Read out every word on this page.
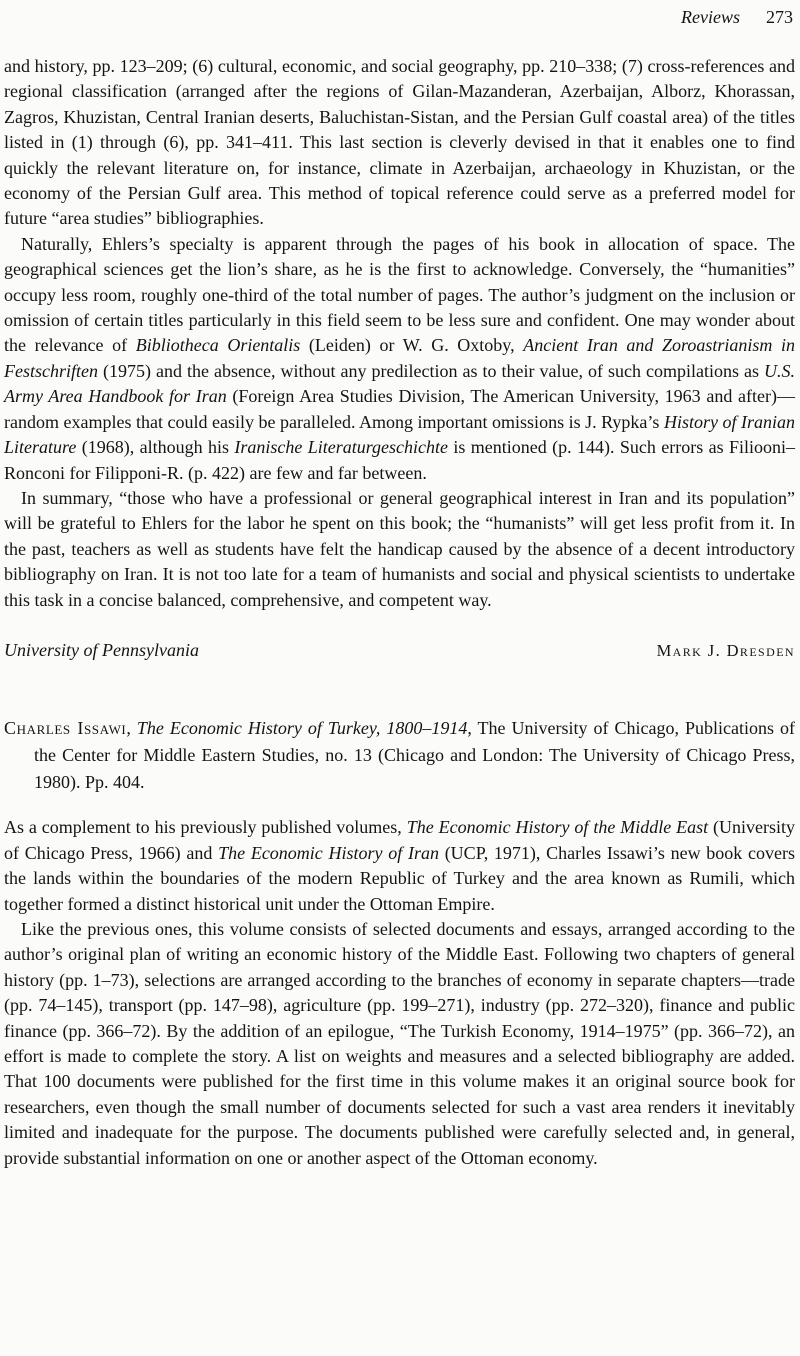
Reviews 273

and history, pp. 123–209; (6) cultural, economic, and social geography, pp. 210–338; (7) cross-references and regional classification (arranged after the regions of Gilan-Mazanderan, Azerbaijan, Alborz, Khorassan, Zagros, Khuzistan, Central Iranian deserts, Baluchistan-Sistan, and the Persian Gulf coastal area) of the titles listed in (1) through (6), pp. 341–411. This last section is cleverly devised in that it enables one to find quickly the relevant literature on, for instance, climate in Azerbaijan, archaeology in Khuzistan, or the economy of the Persian Gulf area. This method of topical reference could serve as a preferred model for future “area studies” bibliographies.

Naturally, Ehlers’s specialty is apparent through the pages of his book in allocation of space. The geographical sciences get the lion’s share, as he is the first to acknowledge. Conversely, the “humanities” occupy less room, roughly one-third of the total number of pages. The author’s judgment on the inclusion or omission of certain titles particularly in this field seem to be less sure and confident. One may wonder about the relevance of Bibliotheca Orientalis (Leiden) or W. G. Oxtoby, Ancient Iran and Zoroastrianism in Festschriften (1975) and the absence, without any predilection as to their value, of such compilations as U.S. Army Area Handbook for Iran (Foreign Area Studies Division, The American University, 1963 and after)—random examples that could easily be paralleled. Among important omissions is J. Rypka’s History of Iranian Literature (1968), although his Iranische Literaturgeschichte is mentioned (p. 144). Such errors as Filiooni–Ronconi for Filipponi-R. (p. 422) are few and far between.

In summary, “those who have a professional or general geographical interest in Iran and its population” will be grateful to Ehlers for the labor he spent on this book; the “humanists” will get less profit from it. In the past, teachers as well as students have felt the handicap caused by the absence of a decent introductory bibliography on Iran. It is not too late for a team of humanists and social and physical scientists to undertake this task in a concise balanced, comprehensive, and competent way.

University of Pennsylvania	Mark J. Dresden

Charles Issawi, The Economic History of Turkey, 1800–1914, The University of Chicago, Publications of the Center for Middle Eastern Studies, no. 13 (Chicago and London: The University of Chicago Press, 1980). Pp. 404.

As a complement to his previously published volumes, The Economic History of the Middle East (University of Chicago Press, 1966) and The Economic History of Iran (UCP, 1971), Charles Issawi’s new book covers the lands within the boundaries of the modern Republic of Turkey and the area known as Rumili, which together formed a distinct historical unit under the Ottoman Empire.

Like the previous ones, this volume consists of selected documents and essays, arranged according to the author’s original plan of writing an economic history of the Middle East. Following two chapters of general history (pp. 1–73), selections are arranged according to the branches of economy in separate chapters—trade (pp. 74–145), transport (pp. 147–98), agriculture (pp. 199–271), industry (pp. 272–320), finance and public finance (pp. 366–72). By the addition of an epilogue, “The Turkish Economy, 1914–1975” (pp. 366–72), an effort is made to complete the story. A list on weights and measures and a selected bibliography are added. That 100 documents were published for the first time in this volume makes it an original source book for researchers, even though the small number of documents selected for such a vast area renders it inevitably limited and inadequate for the purpose. The documents published were carefully selected and, in general, provide substantial information on one or another aspect of the Ottoman economy.
